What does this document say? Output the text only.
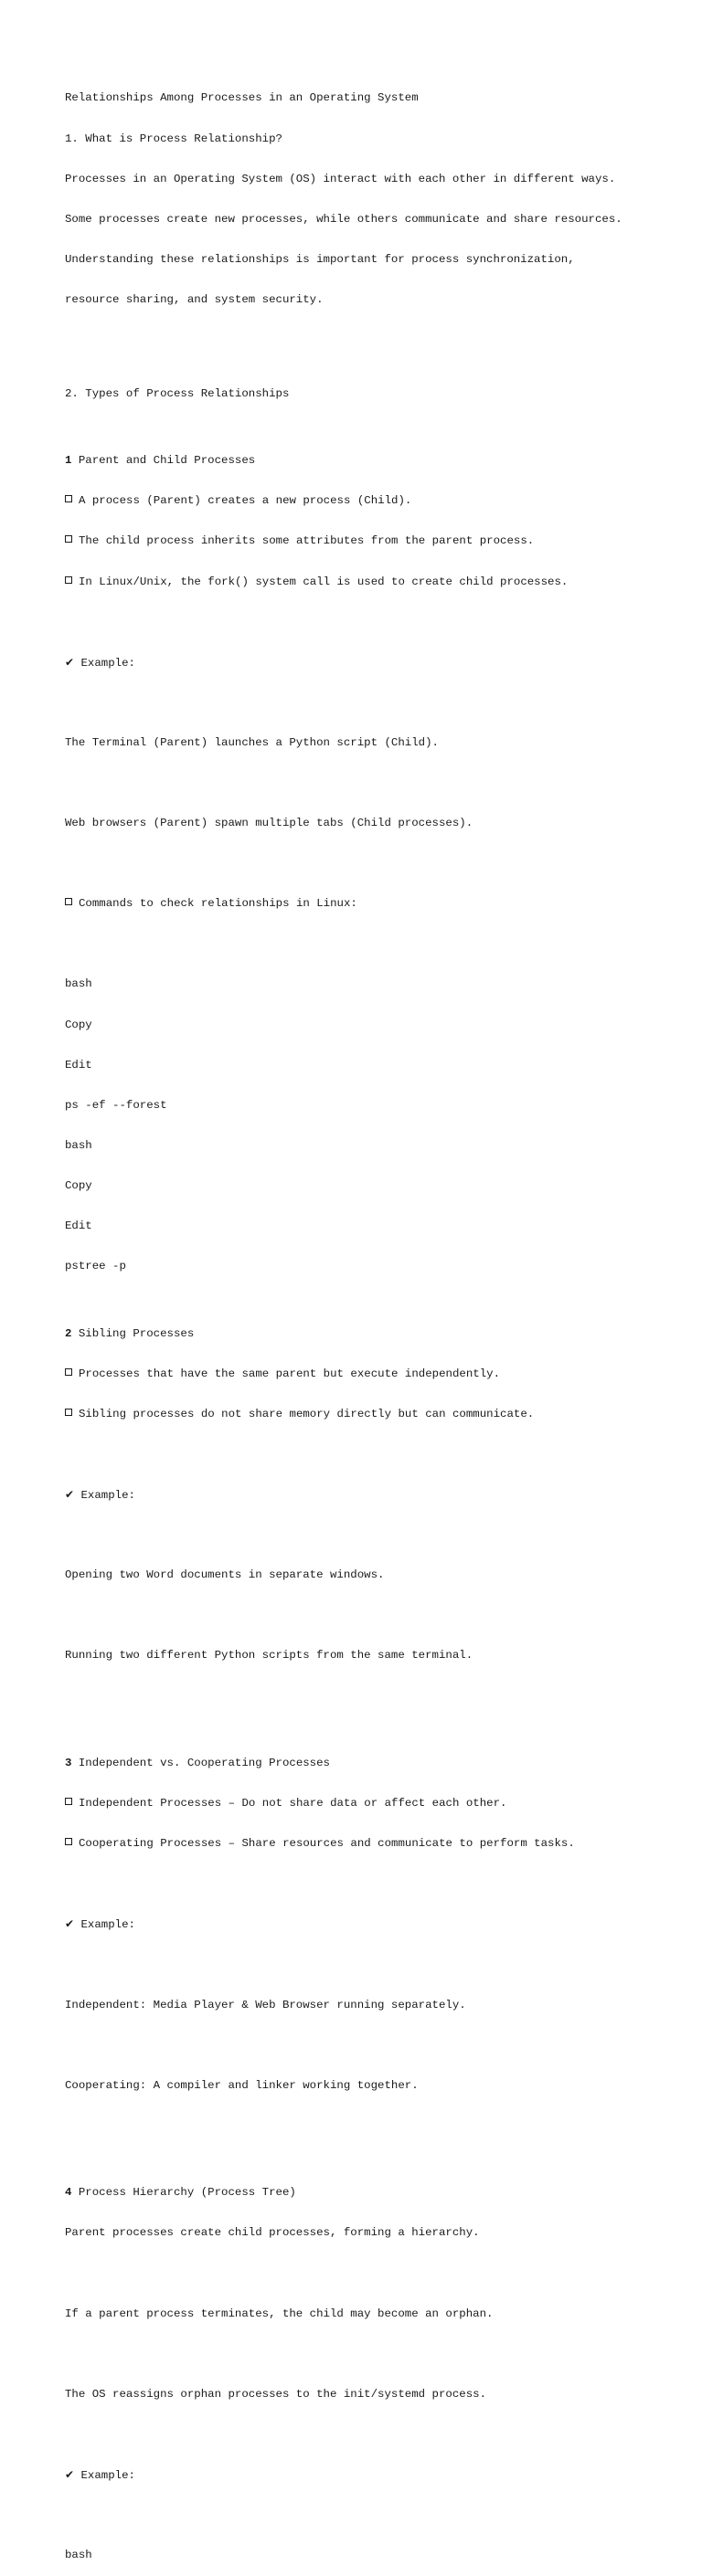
Relationships Among Processes in an Operating System

1. What is Process Relationship?

Processes in an Operating System (OS) interact with each other in different ways.

Some processes create new processes, while others communicate and share resources.

Understanding these relationships is important for process synchronization,

resource sharing, and system security.

2. Types of Process Relationships

1 Parent and Child Processes

A process (Parent) creates a new process (Child).

The child process inherits some attributes from the parent process.

In Linux/Unix, the fork() system call is used to create child processes.

✔ Example:

The Terminal (Parent) launches a Python script (Child).

Web browsers (Parent) spawn multiple tabs (Child processes).

Commands to check relationships in Linux:

bash

Copy

Edit

ps -ef --forest

bash

Copy

Edit

pstree -p

2 Sibling Processes

Processes that have the same parent but execute independently.

Sibling processes do not share memory directly but can communicate.

✔ Example:

Opening two Word documents in separate windows.

Running two different Python scripts from the same terminal.

3 Independent vs. Cooperating Processes

Independent Processes – Do not share data or affect each other.

Cooperating Processes – Share resources and communicate to perform tasks.

✔ Example:

Independent: Media Player & Web Browser running separately.

Cooperating: A compiler and linker working together.

4 Process Hierarchy (Process Tree)

Parent processes create child processes, forming a hierarchy.

If a parent process terminates, the child may become an orphan.

The OS reassigns orphan processes to the init/systemd process.

✔ Example:

bash
